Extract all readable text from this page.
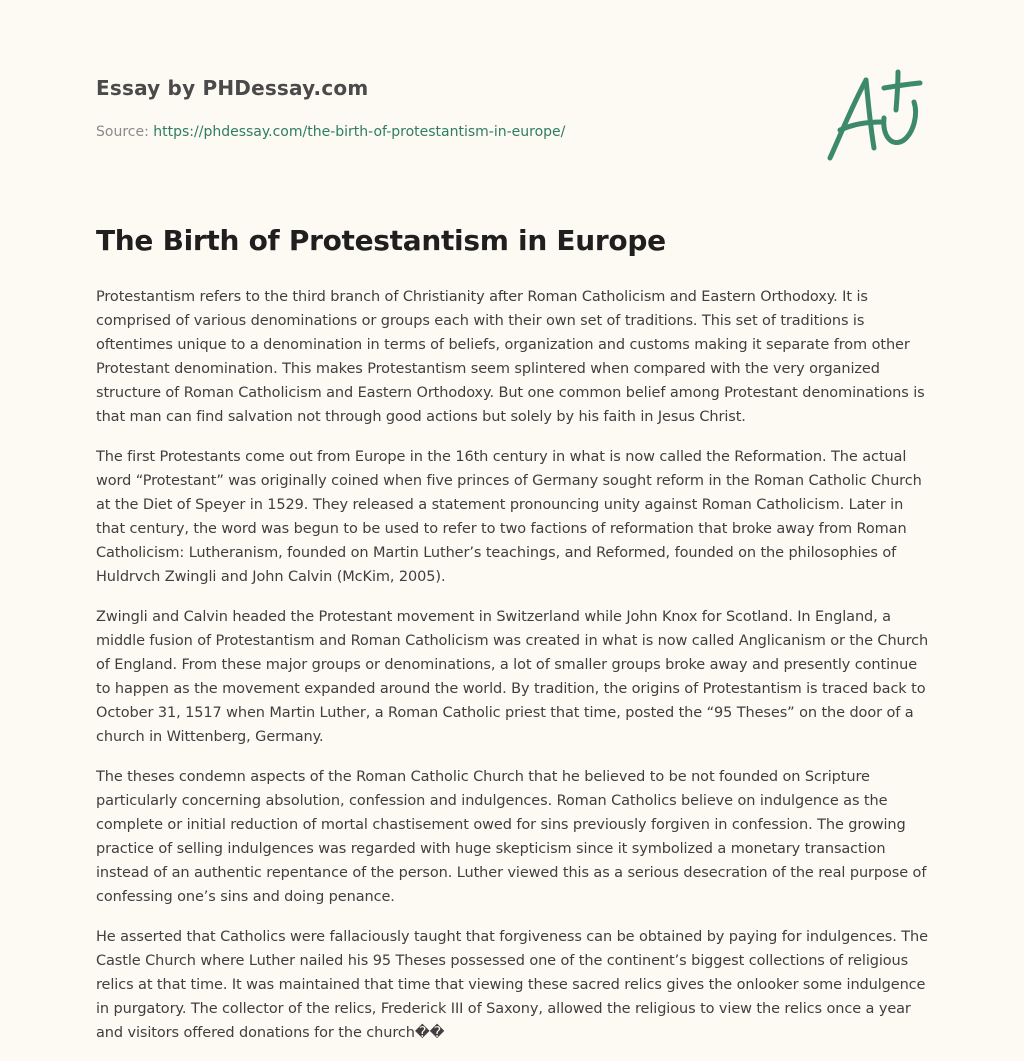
Essay by PHDessay.com
Source: https://phdessay.com/the-birth-of-protestantism-in-europe/
The Birth of Protestantism in Europe

Protestantism refers to the third branch of Christianity after Roman Catholicism and Eastern Orthodoxy. It is comprised of various denominations or groups each with their own set of traditions. This set of traditions is oftentimes unique to a denomination in terms of beliefs, organization and customs making it separate from other Protestant denomination. This makes Protestantism seem splintered when compared with the very organized structure of Roman Catholicism and Eastern Orthodoxy. But one common belief among Protestant denominations is that man can find salvation not through good actions but solely by his faith in Jesus Christ.

The first Protestants come out from Europe in the 16th century in what is now called the Reformation. The actual word “Protestant” was originally coined when five princes of Germany sought reform in the Roman Catholic Church at the Diet of Speyer in 1529. They released a statement pronouncing unity against Roman Catholicism. Later in that century, the word was begun to be used to refer to two factions of reformation that broke away from Roman Catholicism: Lutheranism, founded on Martin Luther’s teachings, and Reformed, founded on the philosophies of Huldrvch Zwingli and John Calvin (McKim, 2005).

Zwingli and Calvin headed the Protestant movement in Switzerland while John Knox for Scotland. In England, a middle fusion of Protestantism and Roman Catholicism was created in what is now called Anglicanism or the Church of England. From these major groups or denominations, a lot of smaller groups broke away and presently continue to happen as the movement expanded around the world. By tradition, the origins of Protestantism is traced back to October 31, 1517 when Martin Luther, a Roman Catholic priest that time, posted the “95 Theses” on the door of a church in Wittenberg, Germany.

The theses condemn aspects of the Roman Catholic Church that he believed to be not founded on Scripture particularly concerning absolution, confession and indulgences. Roman Catholics believe on indulgence as the complete or initial reduction of mortal chastisement owed for sins previously forgiven in confession. The growing practice of selling indulgences was regarded with huge skepticism since it symbolized a monetary transaction instead of an authentic repentance of the person. Luther viewed this as a serious desecration of the real purpose of confessing one’s sins and doing penance.

He asserted that Catholics were fallaciously taught that forgiveness can be obtained by paying for indulgences. The Castle Church where Luther nailed his 95 Theses possessed one of the continent’s biggest collections of religious relics at that time. It was maintained that time that viewing these sacred relics gives the onlooker some indulgence in purgatory. The collector of the relics, Frederick III of Saxony, allowed the religious to view the relics once a year and visitors offered donations for the church��
